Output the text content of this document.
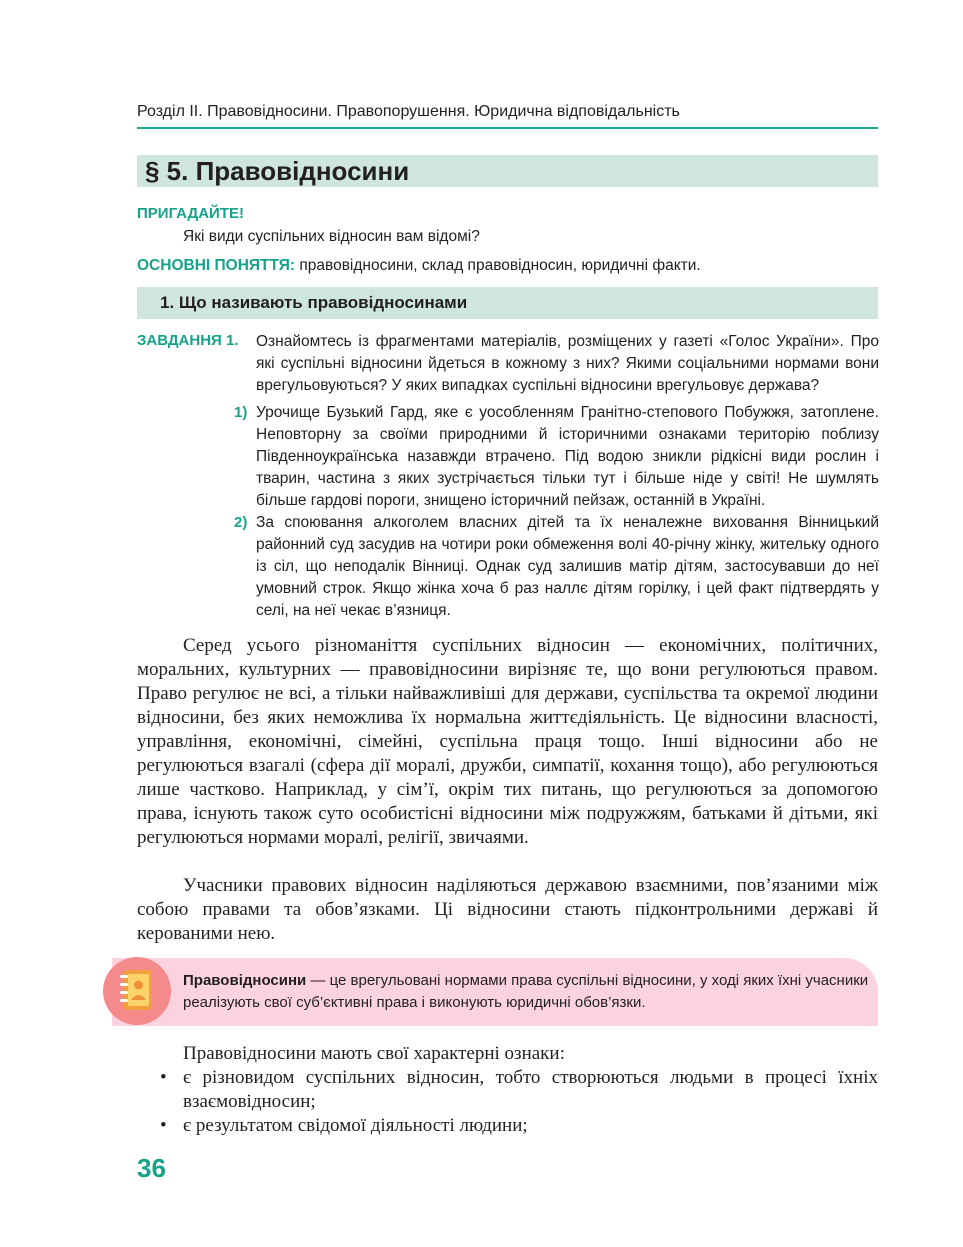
Розділ ІІ. Правовідносини. Правопорушення. Юридична відповідальність
§ 5. Правовідносини
ПРИГАДАЙТЕ!
Які види суспільних відносин вам відомі?
ОСНОВНІ ПОНЯТТЯ: правовідносини, склад правовідносин, юридичні факти.
1. Що називають правовідносинами
ЗАВДАННЯ 1. Ознайомтесь із фрагментами матеріалів, розміщених у газеті «Голос України». Про які суспільні відносини йдеться в кожному з них? Якими соціальними нормами вони врегульовуються? У яких випадках суспільні відносини врегульовує держава?
1) Урочище Бузький Гард, яке є уособленням Гранітно-степового Побужжя, затоплене. Неповторну за своїми природними й історичними ознаками територію поблизу Південноукраїнська назавжди втрачено. Під водою зникли рідкісні види рослин і тварин, частина з яких зустрічається тільки тут і більше ніде у світі! Не шумлять більше гардові пороги, знищено історичний пейзаж, останній в Україні.
2) За споювання алкоголем власних дітей та їх неналежне виховання Вінницький районний суд засудив на чотири роки обмеження волі 40-річну жінку, жительку одного із сіл, що неподалік Вінниці. Однак суд залишив матір дітям, застосувавши до неї умовний строк. Якщо жінка хоча б раз наллє дітям горілку, і цей факт підтвердять у селі, на неї чекає в’язниця.
Серед усього різноманіття суспільних відносин — економічних, політичних, моральних, культурних — правовідносини вирізняє те, що вони регулюються правом. Право регулює не всі, а тільки найважливіші для держави, суспільства та окремої людини відносини, без яких неможлива їх нормальна життєдіяльність. Це відносини власності, управління, економічні, сімейні, суспільна праця тощо. Інші відносини або не регулюються взагалі (сфера дії моралі, дружби, симпатії, кохання тощо), або регулюються лише частково. Наприклад, у сім’ї, окрім тих питань, що регулюються за допомогою права, існують також суто особистісні відносини між подружжям, батьками й дітьми, які регулюються нормами моралі, релігії, звичаями.
Учасники правових відносин наділяються державою взаємними, пов’язаними між собою правами та обов’язками. Ці відносини стають підконтрольними державі й керованими нею.
Правовідносини — це врегульовані нормами права суспільні відносини, у ході яких їхні учасники реалізують свої суб’єктивні права і виконують юридичні обов’язки.
Правовідносини мають свої характерні ознаки:
• є різновидом суспільних відносин, тобто створюються людьми в процесі їхніх взаємовідносин;
• є результатом свідомої діяльності людини;
36
